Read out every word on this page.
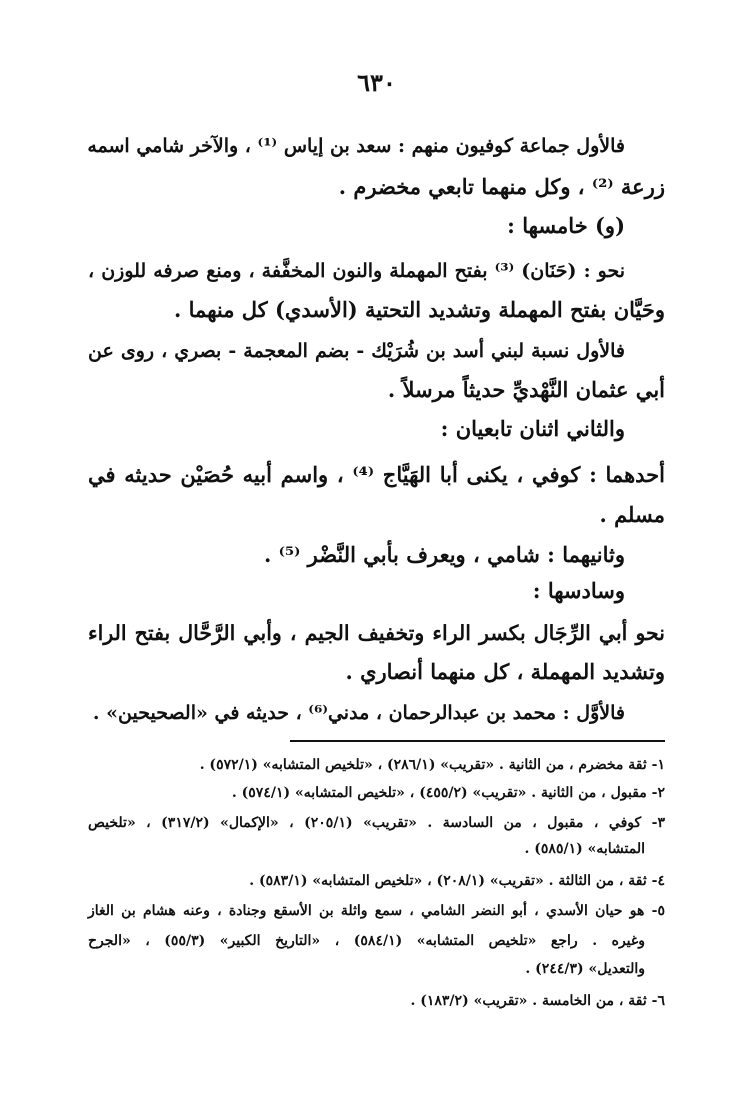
٦٣٠
فالأول جماعة كوفيون منهم : سعد بن إياس ⁽¹⁾ ، والآخر شامي اسمه
زرعة ⁽²⁾ ، وكل منهما تابعي مخضرم .
(و) خامسها :
نحو : (حَنَان) ⁽³⁾ بفتح المهملة والنون المخفَّفة ، ومنع صرفه للوزن ،
وحَيَّان بفتح المهملة وتشديد التحتية (الأسدي) كل منهما .
فالأول نسبة لبني أسد بن شُرَيْك - بضم المعجمة - بصري ، روى عن
أبي عثمان النَّهْديِّ حديثاً مرسلاً .
والثاني اثنان تابعيان :
أحدهما : كوفي ، يكنى أبا الهَيَّاج ⁽⁴⁾ ، واسم أبيه حُصَيْن حديثه في
مسلم .
وثانيهما : شامي ، ويعرف بأبي النَّضْر ⁽⁵⁾ .
وسادسها :
نحو أبي الرِّجَال بكسر الراء وتخفيف الجيم ، وأبي الرَّحَّال بفتح الراء
وتشديد المهملة ، كل منهما أنصاري .
فالأوَّل : محمد بن عبدالرحمان ، مدني⁽⁶⁾ ، حديثه في «الصحيحين» .
١- ثقة مخضرم ، من الثانية . «تقريب» (٢٨٦/١) ، «تلخيص المتشابه» (٥٧٢/١) .
٢- مقبول ، من الثانية . «تقريب» (٤٥٥/٢) ، «تلخيص المتشابه» (٥٧٤/١) .
٣- كوفي ، مقبول ، من السادسة . «تقريب» (٢٠٥/١) ، «الإكمال» (٣١٧/٢) ، «تلخيص
المتشابه» (٥٨٥/١) .
٤- ثقة ، من الثالثة . «تقريب» (٢٠٨/١) ، «تلخيص المتشابه» (٥٨٣/١) .
٥- هو حيان الأسدي ، أبو النضر الشامي ، سمع واثلة بن الأسقع وجنادة ، وعنه هشام بن الغاز
وغيره . راجع «تلخيص المتشابه» (٥٨٤/١) ، «التاريخ الكبير» (٥٥/٣) ، «الجرح
والتعديل» (٢٤٤/٣) .
٦- ثقة ، من الخامسة . «تقريب» (١٨٣/٢) .
